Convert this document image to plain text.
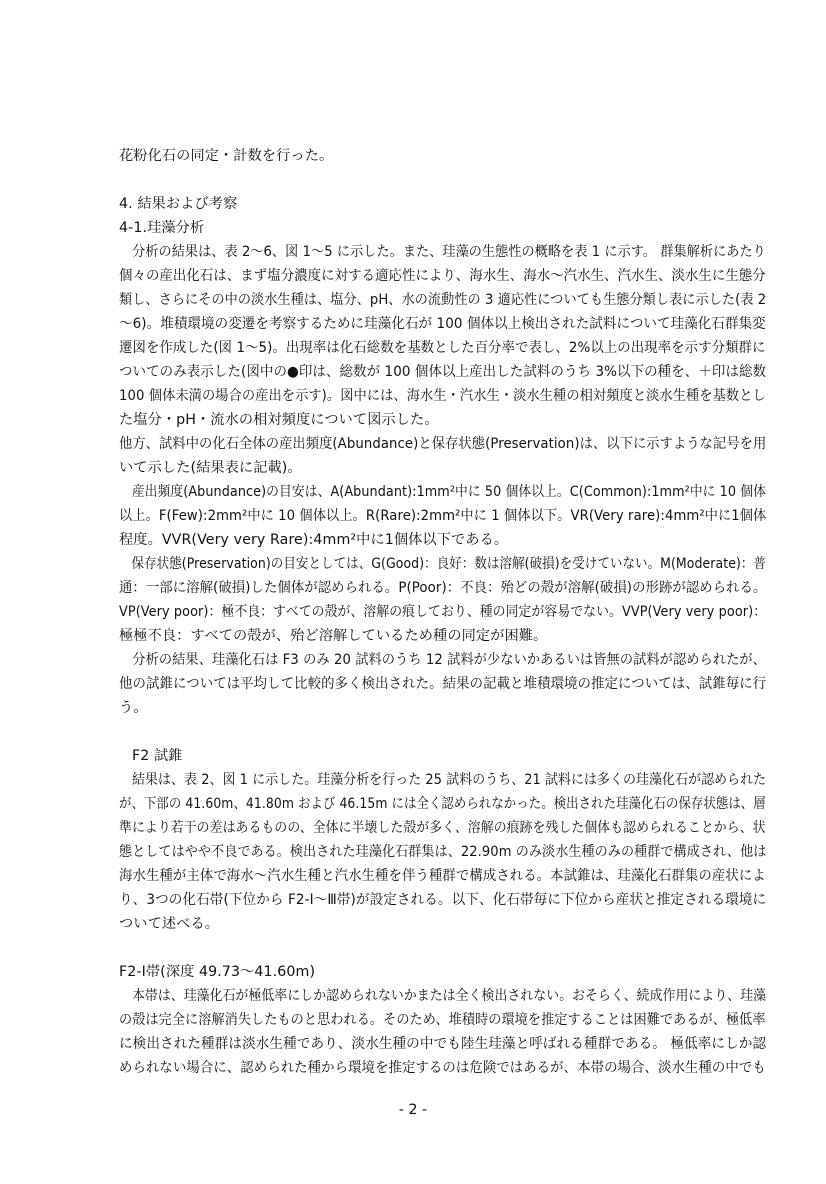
花粉化石の同定・計数を行った。
4. 結果および考察
4-1.珪藻分析
　分析の結果は、表 2～6、図 1～5 に示した。また、珪藻の生態性の概略を表 1 に示す。 群集解析にあたり
個々の産出化石は、まず塩分濃度に対する適応性により、海水生、海水～汽水生、汽水生、淡水生に生態分
類し、さらにその中の淡水生種は、塩分、pH、水の流動性の 3 適応性についても生態分類し表に示した(表 2
～6)。堆積環境の変遷を考察するために珪藻化石が 100 個体以上検出された試料について珪藻化石群集変
遷図を作成した(図 1～5)。出現率は化石総数を基数とした百分率で表し、2%以上の出現率を示す分類群に
ついてのみ表示した(図中の●印は、総数が 100 個体以上産出した試料のうち 3%以下の種を、＋印は総数
100 個体未満の場合の産出を示す)。図中には、海水生・汽水生・淡水生種の相対頻度と淡水生種を基数とし
た塩分・pH・流水の相対頻度について図示した。
他方、試料中の化石全体の産出頻度(Abundance)と保存状態(Preservation)は、以下に示すような記号を用
いて示した(結果表に記載)。
　産出頻度(Abundance)の目安は、A(Abundant):1mm²中に 50 個体以上。C(Common):1mm²中に 10 個体
以上。F(Few):2mm²中に 10 個体以上。R(Rare):2mm²中に 1 個体以下。VR(Very rare):4mm²中に1個体
程度。VVR(Very very Rare):4mm²中に1個体以下である。
　保存状態(Preservation)の目安としては、G(Good)：良好：数は溶解(破損)を受けていない。M(Moderate)：普
通：一部に溶解(破損)した個体が認められる。P(Poor)：不良：殆どの殻が溶解(破損)の形跡が認められる。
VP(Very poor)：極不良：すべての殻が、溶解の痕しており、種の同定が容易でない。VVP(Very very poor)：
極極不良：すべての殻が、殆ど溶解しているため種の同定が困難。
　分析の結果、珪藻化石は F3 のみ 20 試料のうち 12 試料が少ないかあるいは皆無の試料が認められたが、
他の試錐については平均して比較的多く検出された。結果の記載と堆積環境の推定については、試錐毎に行
う。
F2 試錐
　結果は、表 2、図 1 に示した。珪藻分析を行った 25 試料のうち、21 試料には多くの珪藻化石が認められた
が、下部の 41.60m、41.80m および 46.15m には全く認められなかった。検出された珪藻化石の保存状態は、層
準により若干の差はあるものの、全体に半壊した殻が多く、溶解の痕跡を残した個体も認められることから、状
態としてはやや不良である。検出された珪藻化石群集は、22.90m のみ淡水生種のみの種群で構成され、他は
海水生種が主体で海水～汽水生種と汽水生種を伴う種群で構成される。本試錐は、珪藻化石群集の産状によ
り、3つの化石帯(下位から F2-Ⅰ～Ⅲ帯)が設定される。以下、化石帯毎に下位から産状と推定される環境に
ついて述べる。
F2-Ⅰ帯(深度 49.73～41.60m)
　本帯は、珪藻化石が極低率にしか認められないかまたは全く検出されない。おそらく、続成作用により、珪藻
の殻は完全に溶解消失したものと思われる。そのため、堆積時の環境を推定することは困難であるが、極低率
に検出された種群は淡水生種であり、淡水生種の中でも陸生珪藻と呼ばれる種群である。 極低率にしか認
められない場合に、認められた種から環境を推定するのは危険ではあるが、本帯の場合、淡水生種の中でも
- 2 -
